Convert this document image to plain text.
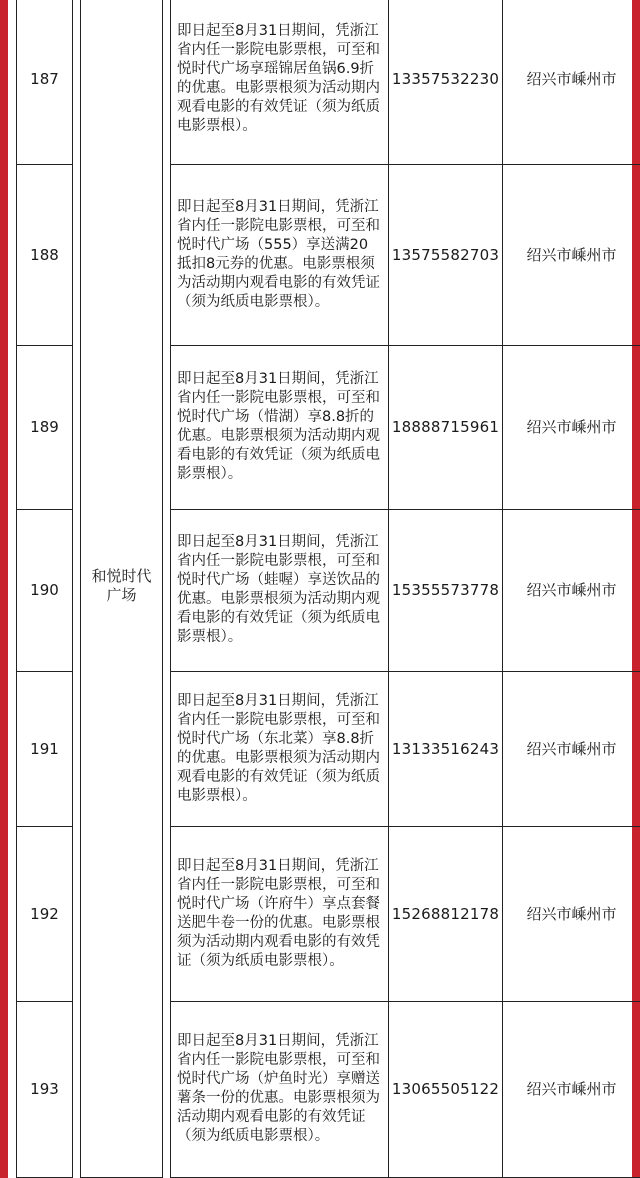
187		和悦时代广场		即日起至8月31日期间，凭浙江省内任一影院电影票根，可至和悦时代广场享瑶锦居鱼锅6.9折的优惠。电影票根须为活动期内观看电影的有效凭证（须为纸质电影票根）。	13357532230	绍兴市嵊州市
188				即日起至8月31日期间，凭浙江省内任一影院电影票根，可至和悦时代广场（555）享送满20抵扣8元券的优惠。电影票根须为活动期内观看电影的有效凭证（须为纸质电影票根）。	13575582703	绍兴市嵊州市
189				即日起至8月31日期间，凭浙江省内任一影院电影票根，可至和悦时代广场（惜湖）享8.8折的优惠。电影票根须为活动期内观看电影的有效凭证（须为纸质电影票根）。	18888715961	绍兴市嵊州市
190				即日起至8月31日期间，凭浙江省内任一影院电影票根，可至和悦时代广场（蛙喔）享送饮品的优惠。电影票根须为活动期内观看电影的有效凭证（须为纸质电影票根）。	15355573778	绍兴市嵊州市
191				即日起至8月31日期间，凭浙江省内任一影院电影票根，可至和悦时代广场（东北菜）享8.8折的优惠。电影票根须为活动期内观看电影的有效凭证（须为纸质电影票根）。	13133516243	绍兴市嵊州市
192				即日起至8月31日期间，凭浙江省内任一影院电影票根，可至和悦时代广场（许府牛）享点套餐送肥牛卷一份的优惠。电影票根须为活动期内观看电影的有效凭证（须为纸质电影票根）。	15268812178	绍兴市嵊州市
193				即日起至8月31日期间，凭浙江省内任一影院电影票根，可至和悦时代广场（炉鱼时光）享赠送薯条一份的优惠。电影票根须为活动期内观看电影的有效凭证（须为纸质电影票根）。	13065505122	绍兴市嵊州市
